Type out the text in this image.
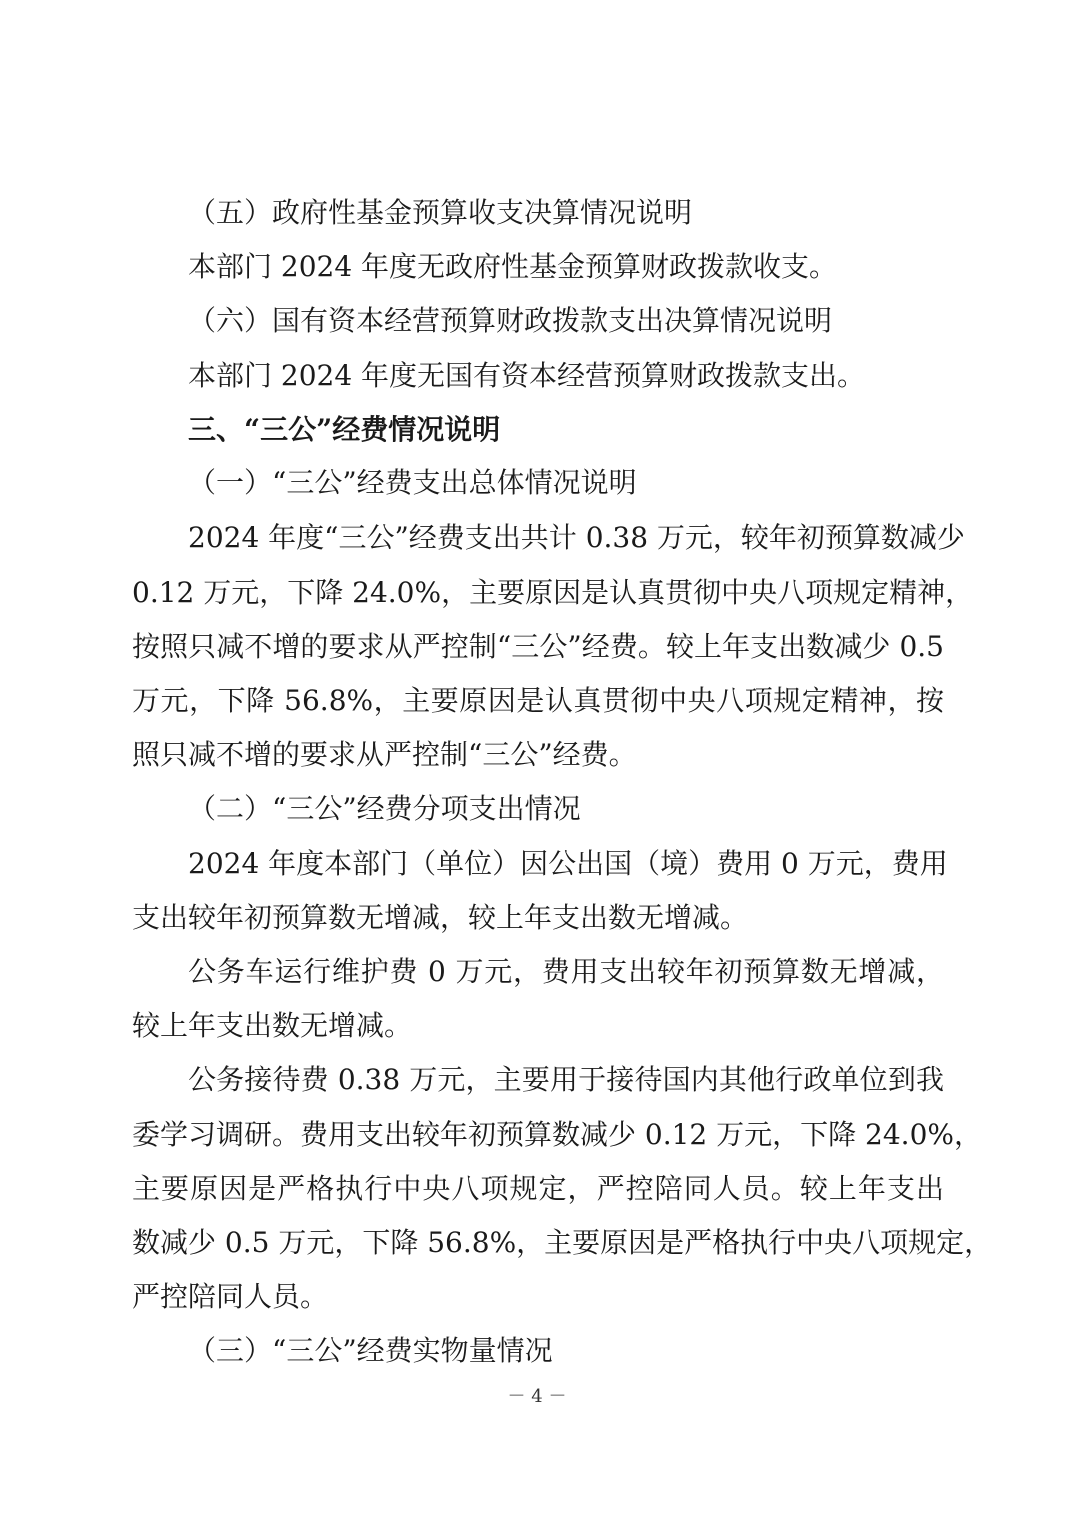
（五）政府性基金预算收支决算情况说明
本部门 2024 年度无政府性基金预算财政拨款收支。
（六）国有资本经营预算财政拨款支出决算情况说明
本部门 2024 年度无国有资本经营预算财政拨款支出。
三、“三公”经费情况说明
（一）“三公”经费支出总体情况说明
2024 年度“三公”经费支出共计 0.38 万元，较年初预算数减少
0.12 万元，下降 24.0%，主要原因是认真贯彻中央八项规定精神，
按照只减不增的要求从严控制“三公”经费。较上年支出数减少 0.5
万元，下降 56.8%，主要原因是认真贯彻中央八项规定精神，按
照只减不增的要求从严控制“三公”经费。
（二）“三公”经费分项支出情况
2024 年度本部门（单位）因公出国（境）费用 0 万元，费用
支出较年初预算数无增减，较上年支出数无增减。
公务车运行维护费 0 万元，费用支出较年初预算数无增减，
较上年支出数无增减。
公务接待费 0.38 万元，主要用于接待国内其他行政单位到我
委学习调研。费用支出较年初预算数减少 0.12 万元，下降 24.0%，
主要原因是严格执行中央八项规定，严控陪同人员。较上年支出
数减少 0.5 万元，下降 56.8%，主要原因是严格执行中央八项规定，
严控陪同人员。
（三）“三公”经费实物量情况
－ 4 －
